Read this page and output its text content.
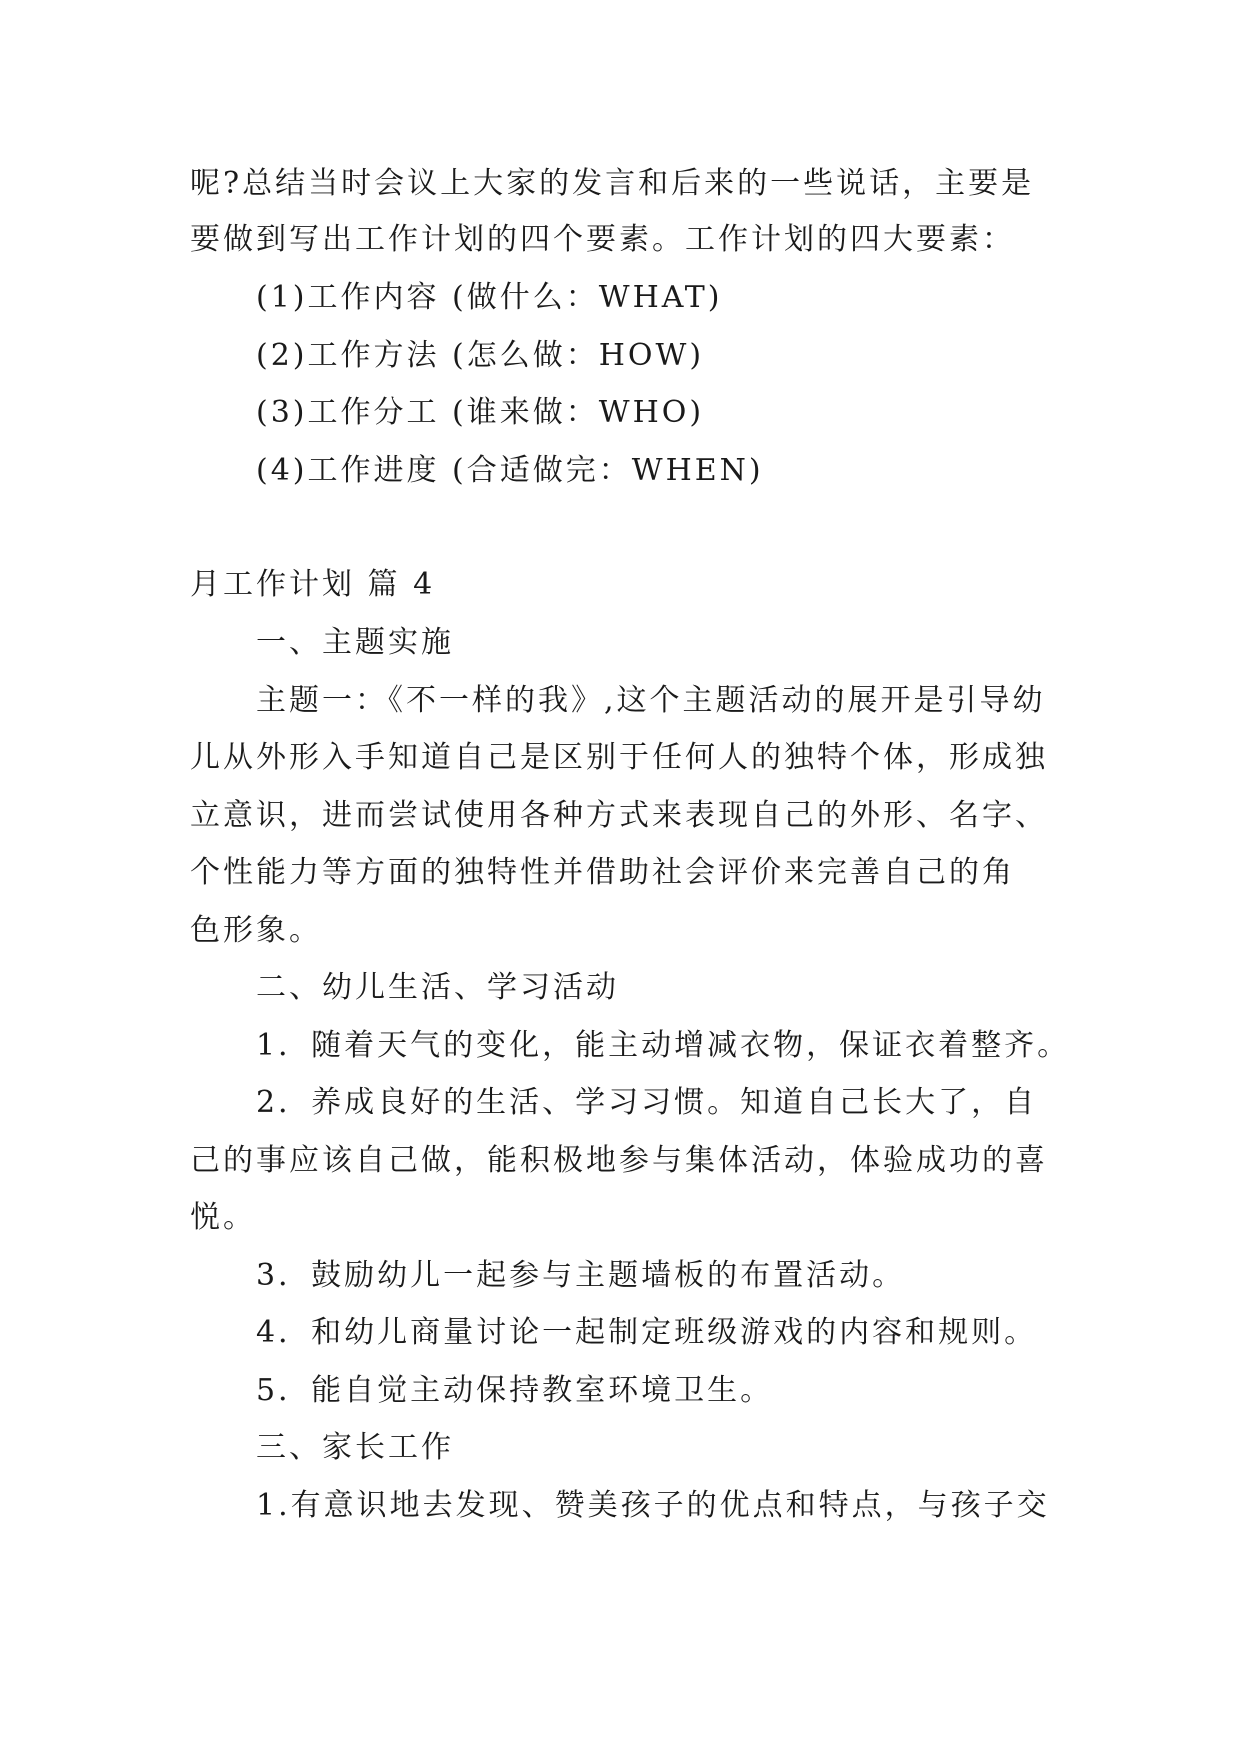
呢?总结当时会议上大家的发言和后来的一些说话，主要是
要做到写出工作计划的四个要素。工作计划的四大要素：
(1)工作内容 (做什么：WHAT)
(2)工作方法 (怎么做：HOW)
(3)工作分工 (谁来做：WHO)
(4)工作进度 (合适做完：WHEN)
月工作计划 篇 4
一、主题实施
主题一：《不一样的我》,这个主题活动的展开是引导幼
儿从外形入手知道自己是区别于任何人的独特个体，形成独
立意识，进而尝试使用各种方式来表现自己的外形、名字、
个性能力等方面的独特性并借助社会评价来完善自己的角
色形象。
二、幼儿生活、学习活动
1．随着天气的变化，能主动增减衣物，保证衣着整齐。
2．养成良好的生活、学习习惯。知道自己长大了，自
己的事应该自己做，能积极地参与集体活动，体验成功的喜
悦。
3．鼓励幼儿一起参与主题墙板的布置活动。
4．和幼儿商量讨论一起制定班级游戏的内容和规则。
5．能自觉主动保持教室环境卫生。
三、家长工作
1.有意识地去发现、赞美孩子的优点和特点，与孩子交
